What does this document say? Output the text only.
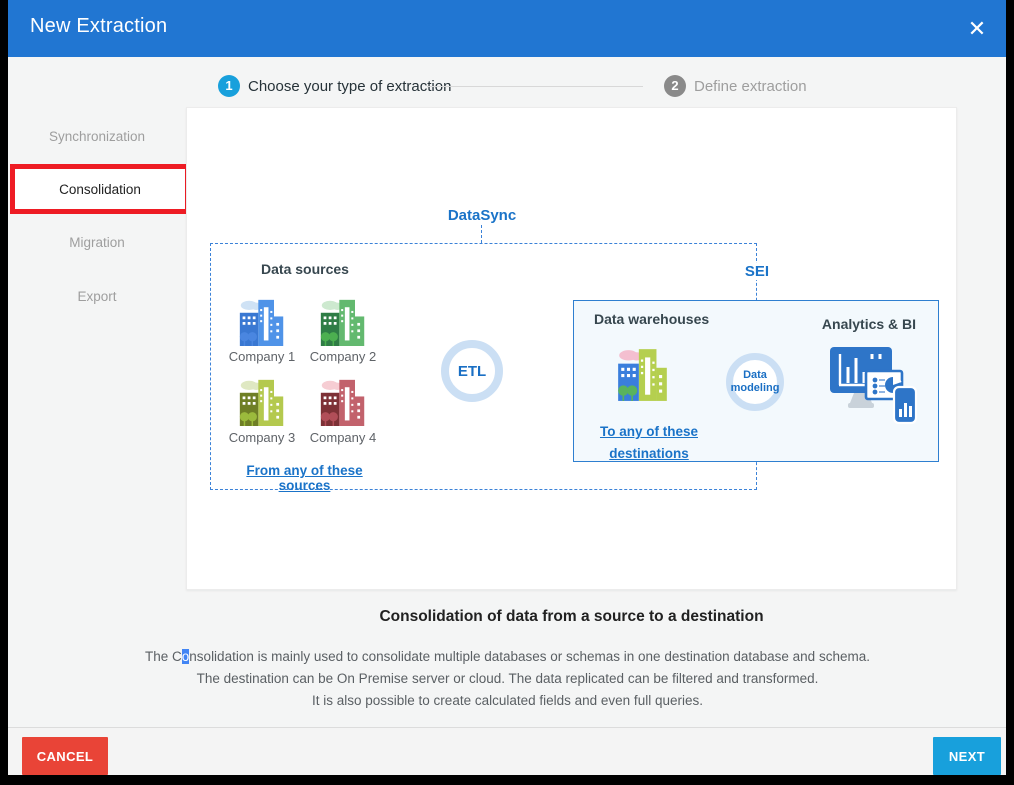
New Extraction	✕
1	Choose your type of extraction	2	Define extraction
Synchronization
Consolidation
Migration
Export
DataSync
Data sources
Company 1	Company 2
Company 3	Company 4
ETL
From any of these sources
SEI
Data warehouses
To any of these
destinations
Data
modeling
Analytics & BI
Consolidation of data from a source to a destination
The Consolidation is mainly used to consolidate multiple databases or schemas in one destination database and schema.
The destination can be On Premise server or cloud. The data replicated can be filtered and transformed.
It is also possible to create calculated fields and even full queries.
CANCEL	NEXT
